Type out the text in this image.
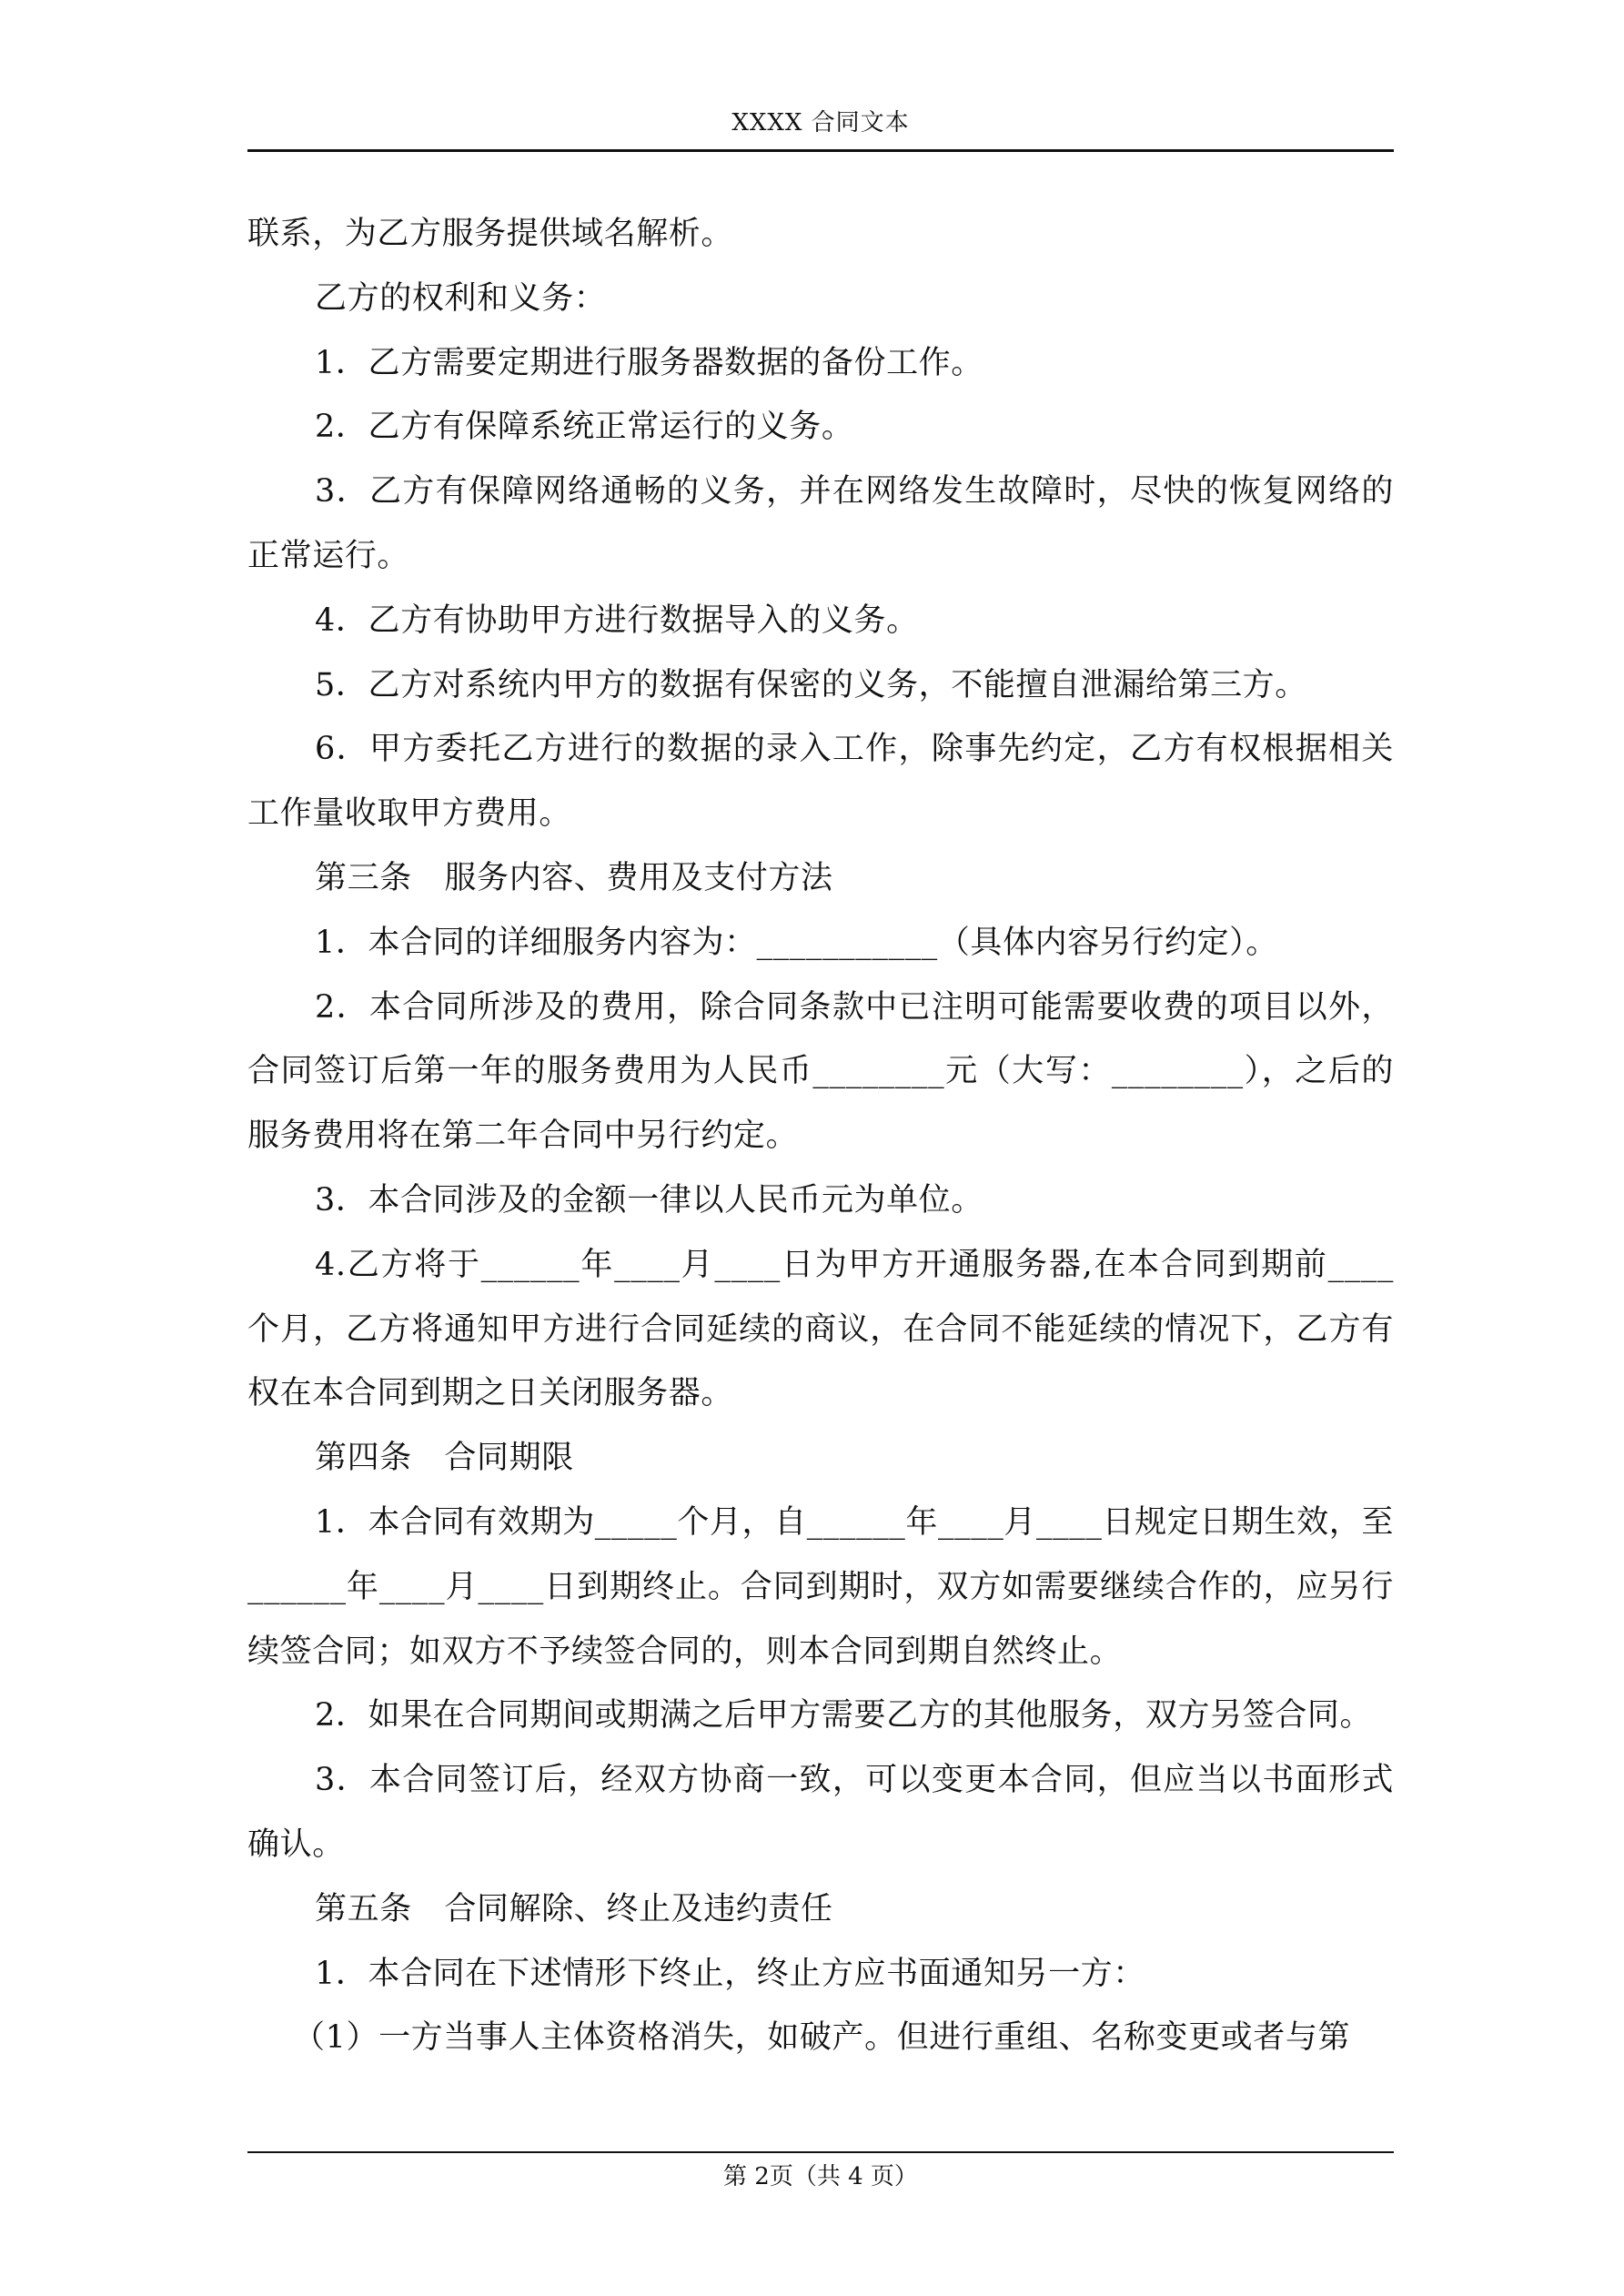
XXXX 合同文本

联系，为乙方服务提供域名解析。

乙方的权利和义务：

1．乙方需要定期进行服务器数据的备份工作。

2．乙方有保障系统正常运行的义务。

3．乙方有保障网络通畅的义务，并在网络发生故障时，尽快的恢复网络的正常运行。

4．乙方有协助甲方进行数据导入的义务。

5．乙方对系统内甲方的数据有保密的义务，不能擅自泄漏给第三方。

6．甲方委托乙方进行的数据的录入工作，除事先约定，乙方有权根据相关工作量收取甲方费用。

第三条　服务内容、费用及支付方法

1．本合同的详细服务内容为：___________（具体内容另行约定）。

2．本合同所涉及的费用，除合同条款中已注明可能需要收费的项目以外，合同签订后第一年的服务费用为人民币________元（大写：________），之后的服务费用将在第二年合同中另行约定。

3．本合同涉及的金额一律以人民币元为单位。

4.乙方将于______年____月____日为甲方开通服务器,在本合同到期前____个月，乙方将通知甲方进行合同延续的商议，在合同不能延续的情况下，乙方有权在本合同到期之日关闭服务器。

第四条　合同期限

1．本合同有效期为_____个月，自______年____月____日规定日期生效，至______年____月____日到期终止。合同到期时，双方如需要继续合作的，应另行续签合同；如双方不予续签合同的，则本合同到期自然终止。

2．如果在合同期间或期满之后甲方需要乙方的其他服务，双方另签合同。

3．本合同签订后，经双方协商一致，可以变更本合同，但应当以书面形式确认。

第五条　合同解除、终止及违约责任

1．本合同在下述情形下终止，终止方应书面通知另一方：

（1）一方当事人主体资格消失，如破产。但进行重组、名称变更或者与第

第 2页（共 4 页）
